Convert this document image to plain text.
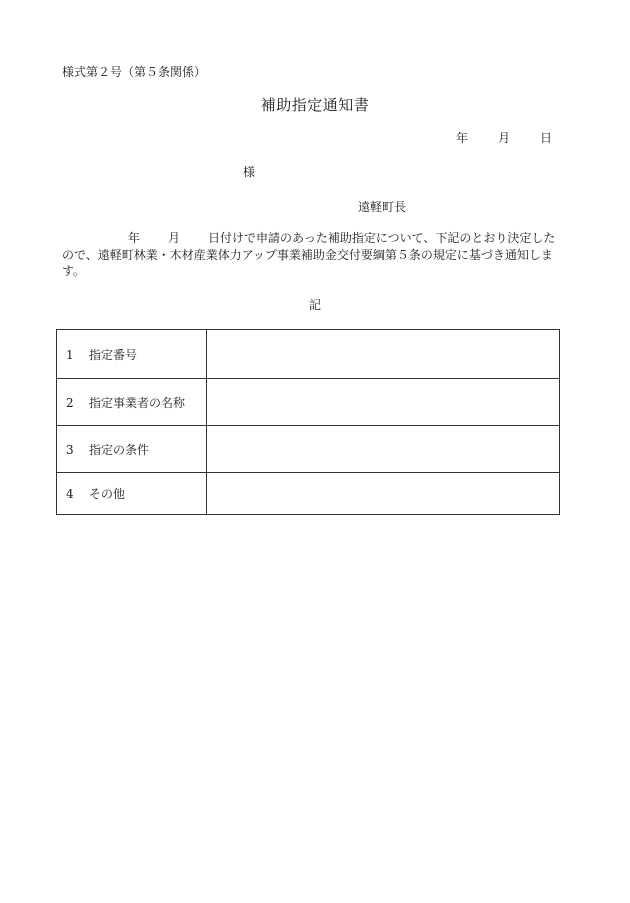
様式第２号（第５条関係）
補助指定通知書
年	月	日
様
遠軽町長
年 月 日付けで申請のあった補助指定について、下記のとおり決定したので、遠軽町林業・木材産業体力アップ事業補助金交付要綱第５条の規定に基づき通知します。
記
1 指定番号	
2 指定事業者の名称	
3 指定の条件	
4 その他	
